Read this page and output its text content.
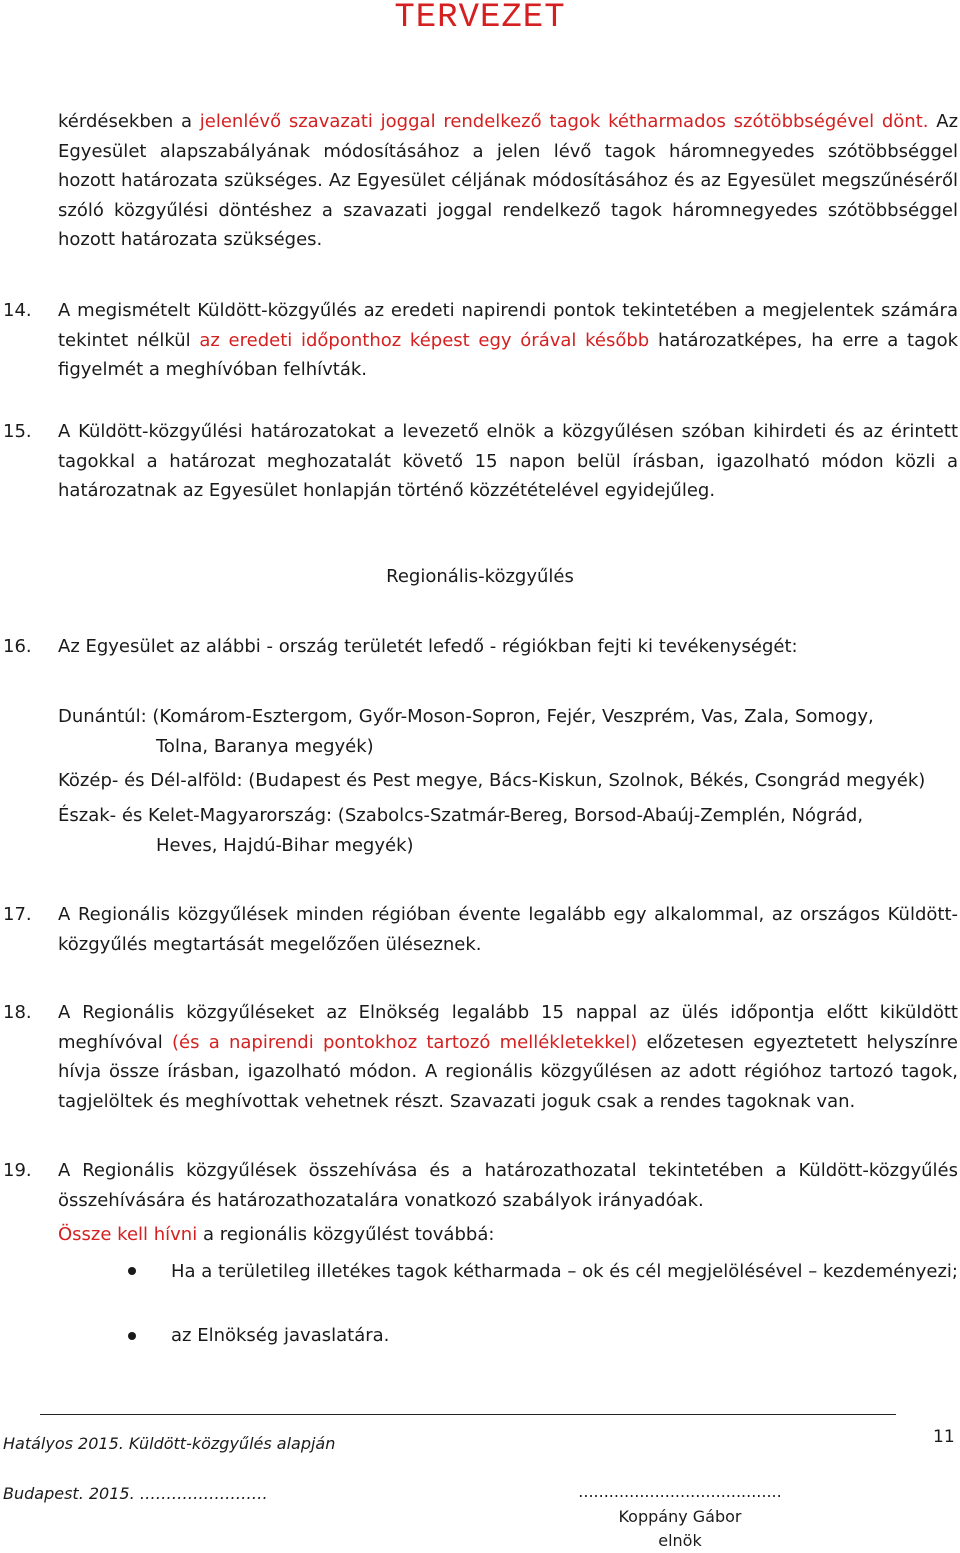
TERVEZET

kérdésekben a jelenlévő szavazati joggal rendelkező tagok kétharmados szótöbbségével dönt. Az Egyesület alapszabályának módosításához a jelen lévő tagok háromnegyedes szótöbbséggel hozott határozata szükséges. Az Egyesület céljának módosításához és az Egyesület megszűnéséről szóló közgyűlési döntéshez a szavazati joggal rendelkező tagok háromnegyedes szótöbbséggel hozott határozata szükséges.

14.	A megismételt Küldött-közgyűlés az eredeti napirendi pontok tekintetében a megjelentek számára tekintet nélkül az eredeti időponthoz képest egy órával később határozatképes, ha erre a tagok figyelmét a meghívóban felhívták.

15.	A Küldött-közgyűlési határozatokat a levezető elnök a közgyűlésen szóban kihirdeti és az érintett tagokkal a határozat meghozatalát követő 15 napon belül írásban, igazolható módon közli a határozatnak az Egyesület honlapján történő közzétételével egyidejűleg.

Regionális-közgyűlés

16.	Az Egyesület az alábbi - ország területét lefedő - régiókban fejti ki tevékenységét:

Dunántúl: (Komárom-Esztergom, Győr-Moson-Sopron, Fejér, Veszprém, Vas, Zala, Somogy,
Tolna, Baranya megyék)

Közép- és Dél-alföld: (Budapest és Pest megye, Bács-Kiskun, Szolnok, Békés, Csongrád megyék)

Észak- és Kelet-Magyarország: (Szabolcs-Szatmár-Bereg, Borsod-Abaúj-Zemplén, Nógrád,
Heves, Hajdú-Bihar megyék)

17.	A Regionális közgyűlések minden régióban évente legalább egy alkalommal, az országos Küldött-közgyűlés megtartását megelőzően üléseznek.

18.	A Regionális közgyűléseket az Elnökség legalább 15 nappal az ülés időpontja előtt kiküldött meghívóval (és a napirendi pontokhoz tartozó mellékletekkel) előzetesen egyeztetett helyszínre hívja össze írásban, igazolható módon. A regionális közgyűlésen az adott régióhoz tartozó tagok, tagjelöltek és meghívottak vehetnek részt. Szavazati joguk csak a rendes tagoknak van.

19.	A Regionális közgyűlések összehívása és a határozathozatal tekintetében a Küldött-közgyűlés összehívására és határozathozatalára vonatkozó szabályok irányadóak.

Össze kell hívni a regionális közgyűlést továbbá:

Ha a területileg illetékes tagok kétharmada – ok és cél megjelölésével – kezdeményezi;

az Elnökség javaslatára.

Hatályos 2015. Küldött-közgyűlés alapján	11
Budapest. 2015. ……………………	........................................
Koppány Gábor
elnök
